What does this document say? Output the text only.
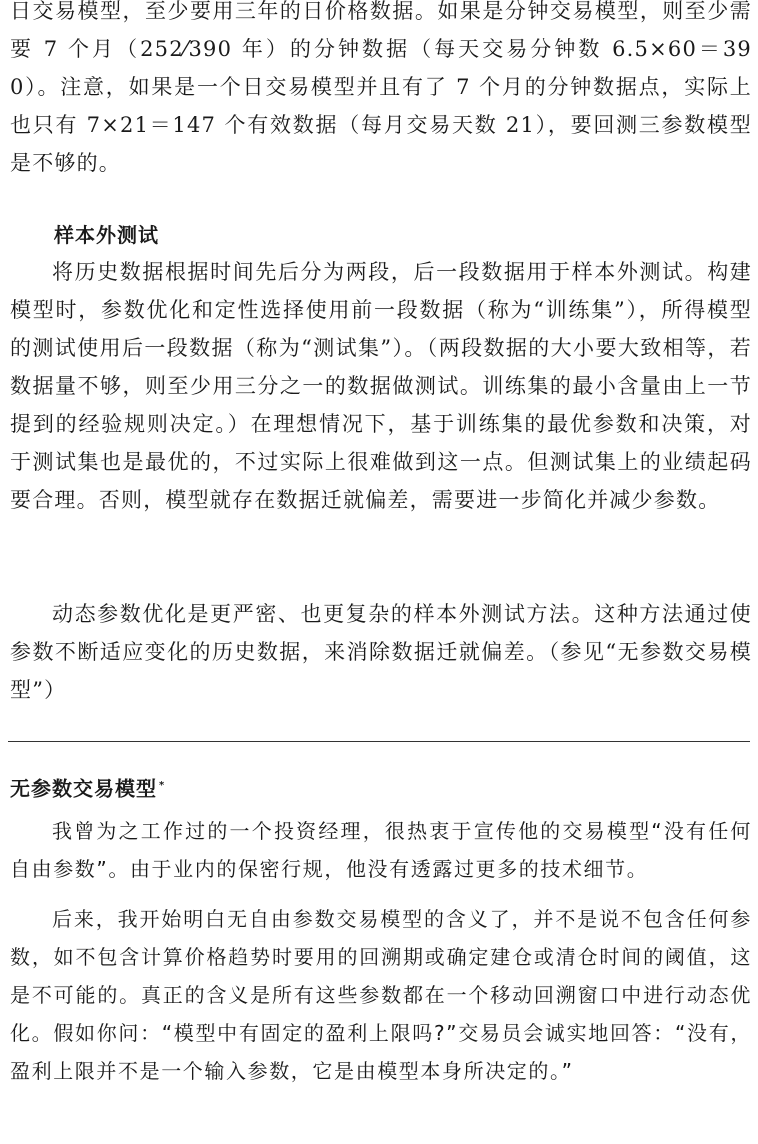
日交易模型，至少要用三年的日价格数据。如果是分钟交易模型，则至少需要 7 个月（252⁄390 年）的分钟数据（每天交易分钟数 6.5×60＝390）。注意，如果是一个日交易模型并且有了 7 个月的分钟数据点，实际上也只有 7×21＝147 个有效数据（每月交易天数 21），要回测三参数模型是不够的。

样本外测试

将历史数据根据时间先后分为两段，后一段数据用于样本外测试。构建模型时，参数优化和定性选择使用前一段数据（称为“训练集”），所得模型的测试使用后一段数据（称为“测试集”）。（两段数据的大小要大致相等，若数据量不够，则至少用三分之一的数据做测试。训练集的最小含量由上一节提到的经验规则决定。）在理想情况下，基于训练集的最优参数和决策，对于测试集也是最优的，不过实际上很难做到这一点。但测试集上的业绩起码要合理。否则，模型就存在数据迁就偏差，需要进一步简化并减少参数。

动态参数优化是更严密、也更复杂的样本外测试方法。这种方法通过使参数不断适应变化的历史数据，来消除数据迁就偏差。（参见“无参数交易模型”）

无参数交易模型 *

我曾为之工作过的一个投资经理，很热衷于宣传他的交易模型“没有任何自由参数”。由于业内的保密行规，他没有透露过更多的技术细节。

后来，我开始明白无自由参数交易模型的含义了，并不是说不包含任何参数，如不包含计算价格趋势时要用的回溯期或确定建仓或清仓时间的阈值，这是不可能的。真正的含义是所有这些参数都在一个移动回溯窗口中进行动态优化。假如你问：“模型中有固定的盈利上限吗?”交易员会诚实地回答：“没有，盈利上限并不是一个输入参数，它是由模型本身所决定的。”
